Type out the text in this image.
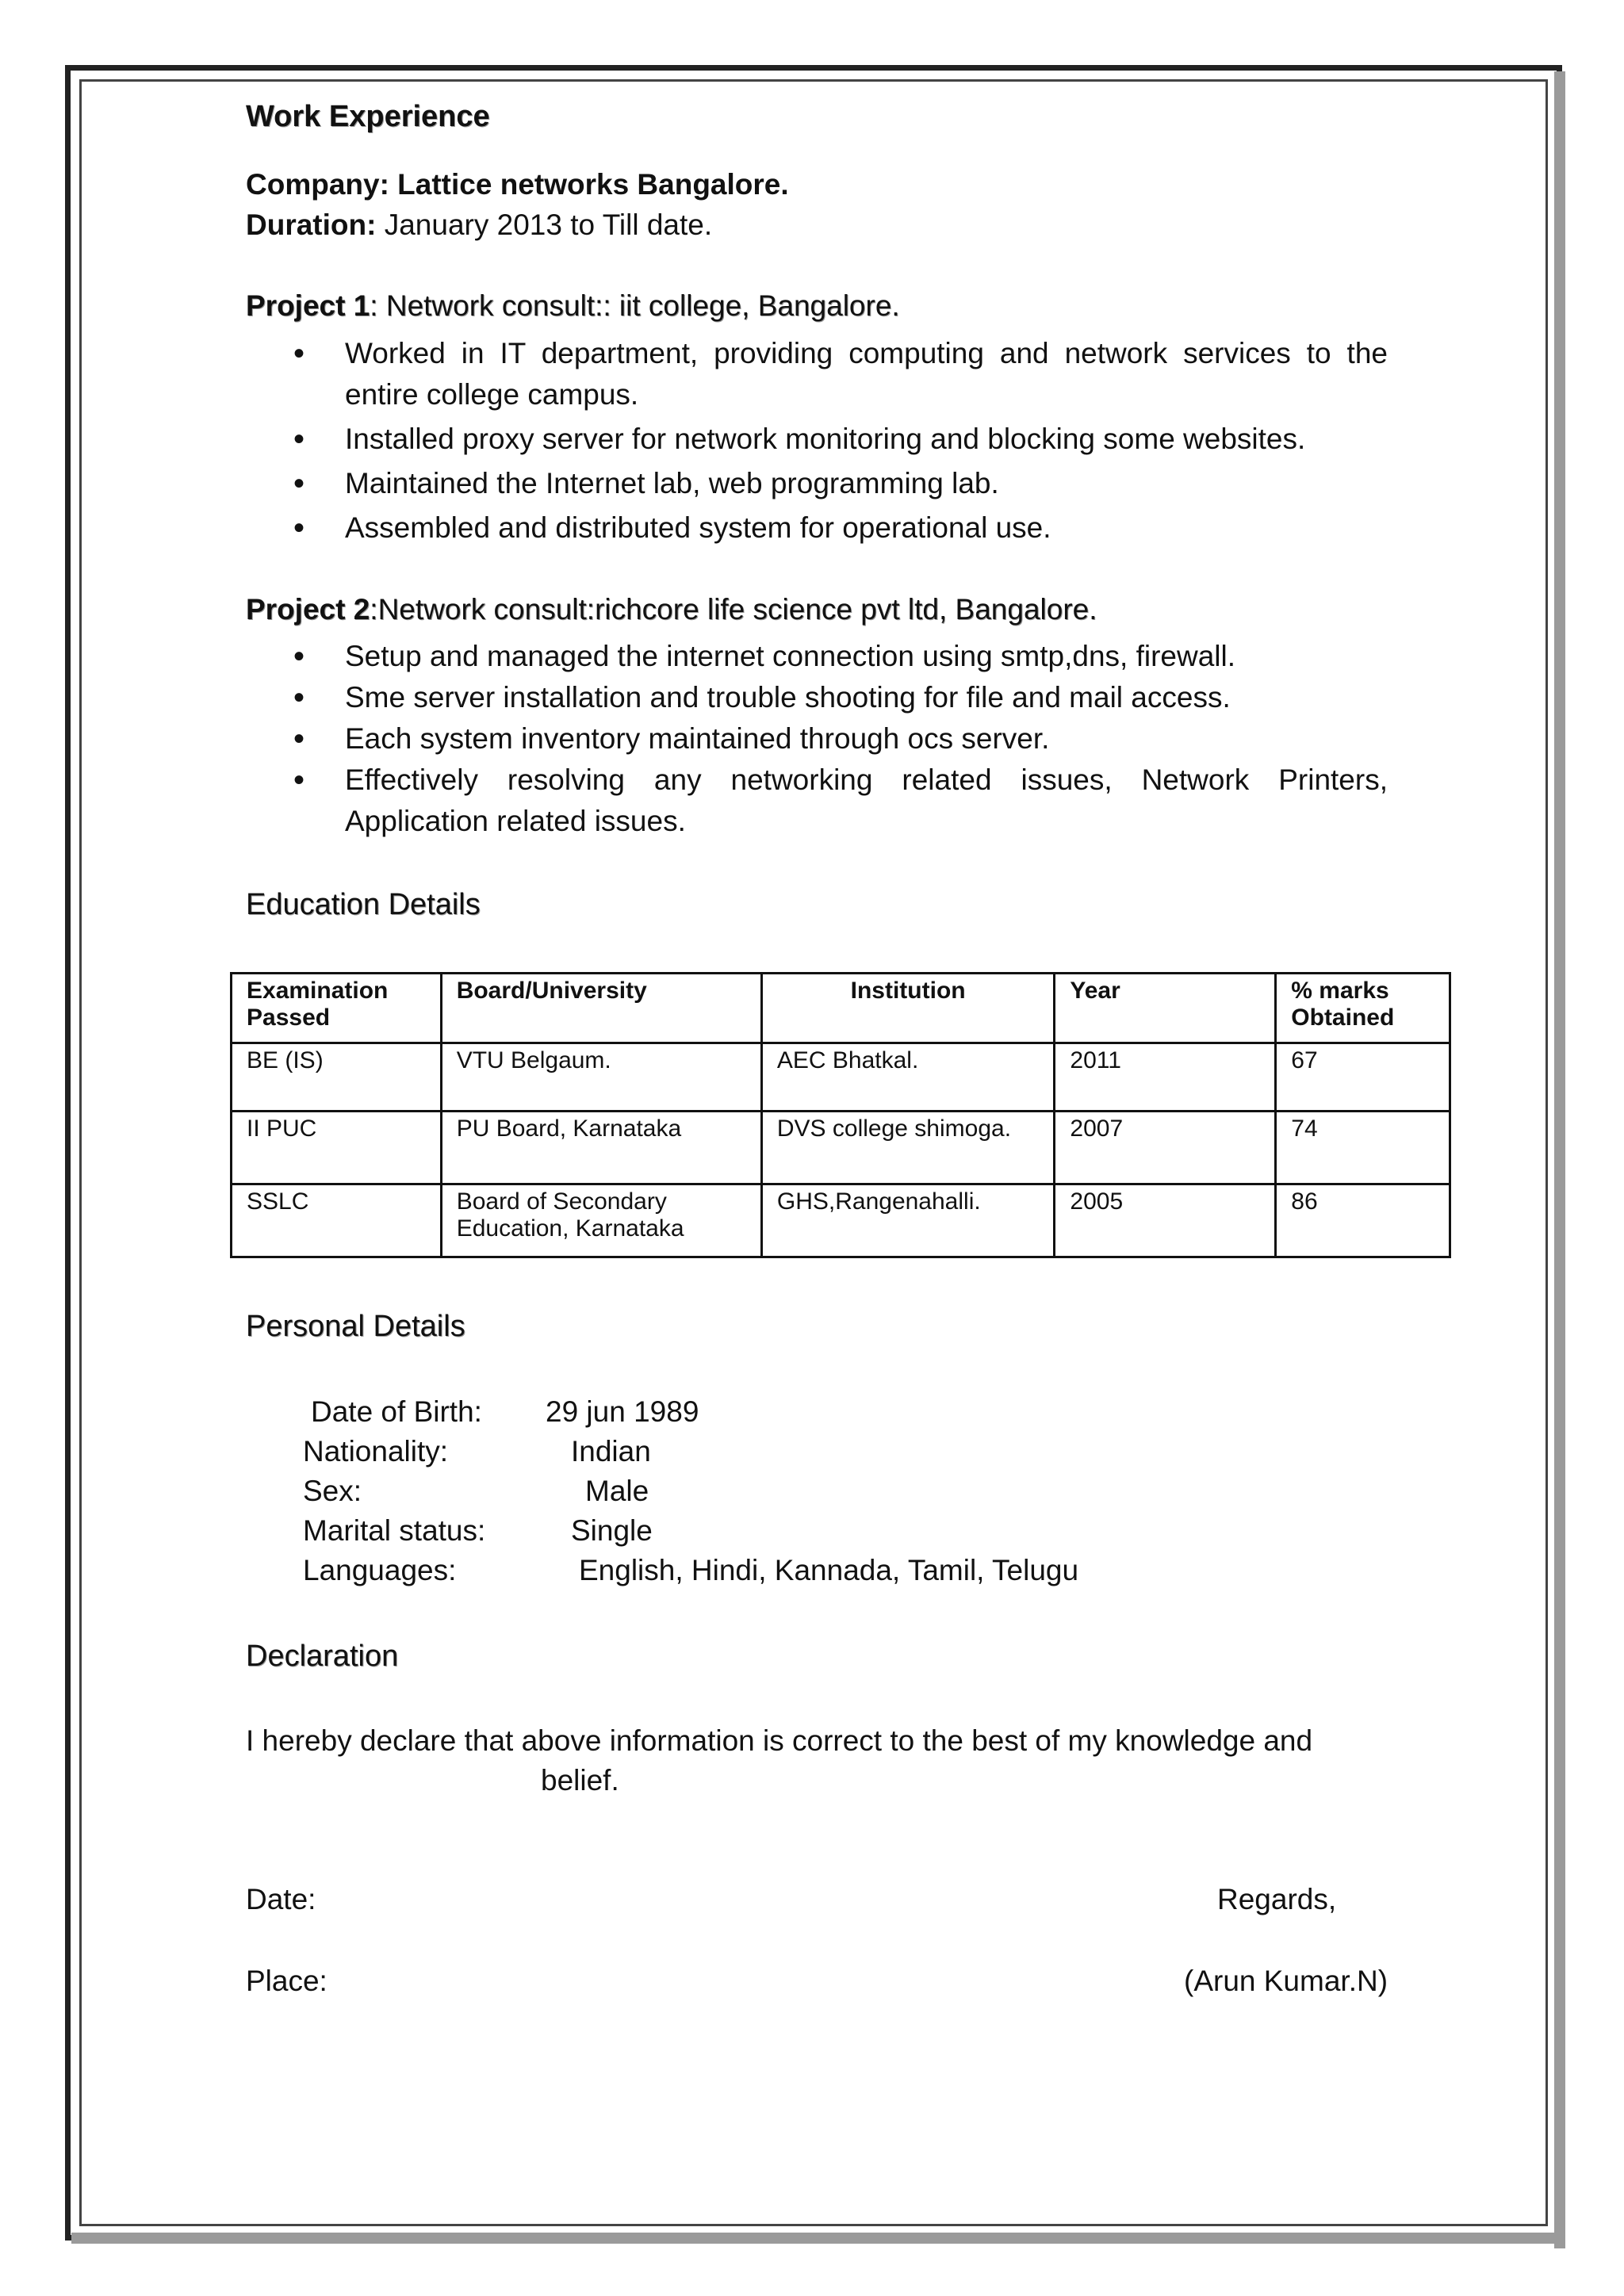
Work Experience
Company: Lattice networks Bangalore.
Duration: January 2013 to Till date.
Project 1: Network consult:: iit college, Bangalore.
• Worked in IT department, providing computing and network services to the entire college campus.
• Installed proxy server for network monitoring and blocking some websites.
• Maintained the Internet lab, web programming lab.
• Assembled and distributed system for operational use.
Project 2:Network consult:richcore life science pvt ltd, Bangalore.
• Setup and managed the internet connection using smtp,dns, firewall.
• Sme server installation and trouble shooting for file and mail access.
• Each system inventory maintained through ocs server.
• Effectively resolving any networking related issues, Network Printers, Application related issues.
Education Details
Examination Passed	Board/University	Institution	Year	% marks Obtained
BE (IS)	VTU Belgaum.	AEC Bhatkal.	2011	67
II PUC	PU Board, Karnataka	DVS college shimoga.	2007	74
SSLC	Board of Secondary Education, Karnataka	GHS,Rangenahalli.	2005	86
Personal Details
Date of Birth: 29 jun 1989
Nationality:	Indian
Sex:	Male
Marital status:	Single
Languages:	English, Hindi, Kannada, Tamil, Telugu
Declaration
I hereby declare that above information is correct to the best of my knowledge and
belief.
Date:	Regards,
Place:	(Arun Kumar.N)
